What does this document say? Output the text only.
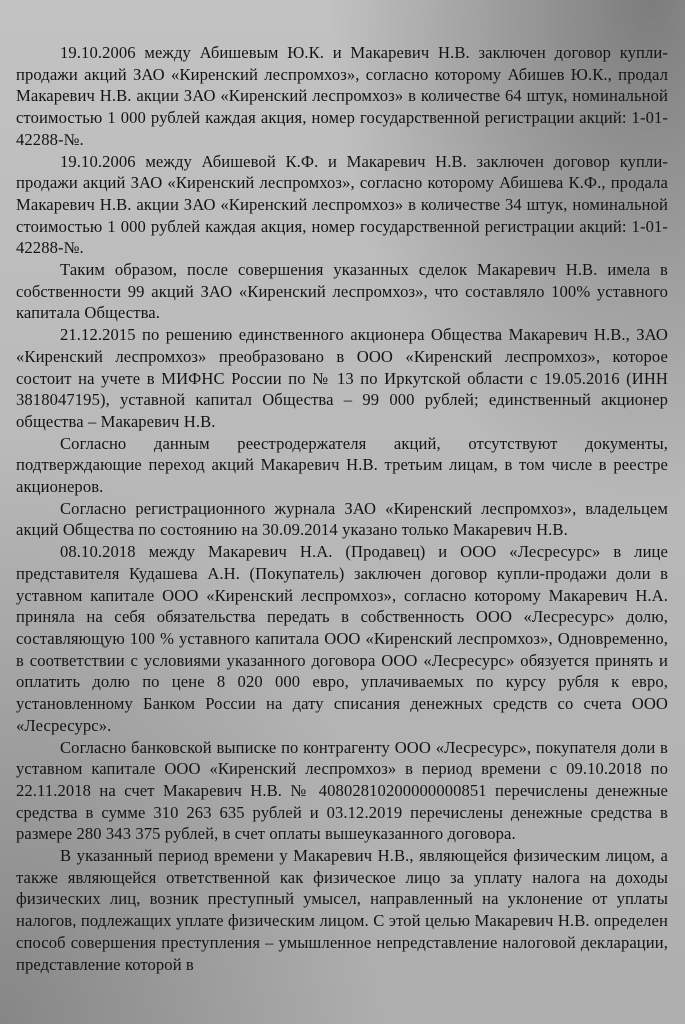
19.10.2006 между Абишевым Ю.К. и Макаревич Н.В. заключен договор купли-продажи акций ЗАО «Киренский леспромхоз», согласно которому Абишев Ю.К., продал Макаревич Н.В. акции ЗАО «Киренский леспромхоз» в количестве 64 штук, номинальной стоимостью 1 000 рублей каждая акция, номер государственной регистрации акций: 1-01-42288-№.

19.10.2006 между Абишевой К.Ф. и Макаревич Н.В. заключен договор купли-продажи акций ЗАО «Киренский леспромхоз», согласно которому Абишева К.Ф., продала Макаревич Н.В. акции ЗАО «Киренский леспромхоз» в количестве 34 штук, номинальной стоимостью 1 000 рублей каждая акция, номер государственной регистрации акций: 1-01-42288-№.

Таким образом, после совершения указанных сделок Макаревич Н.В. имела в собственности 99 акций ЗАО «Киренский леспромхоз», что составляло 100% уставного капитала Общества.

21.12.2015 по решению единственного акционера Общества Макаревич Н.В., ЗАО «Киренский леспромхоз» преобразовано в ООО «Киренский леспромхоз», которое состоит на учете в МИФНС России по № 13 по Иркутской области с 19.05.2016 (ИНН 3818047195), уставной капитал Общества – 99 000 рублей; единственный акционер общества – Макаревич Н.В.

Согласно данным реестродержателя акций, отсутствуют документы, подтверждающие переход акций Макаревич Н.В. третьим лицам, в том числе в реестре акционеров.

Согласно регистрационного журнала ЗАО «Киренский леспромхоз», владельцем акций Общества по состоянию на 30.09.2014 указано только Макаревич Н.В.

08.10.2018 между Макаревич Н.А. (Продавец) и ООО «Лесресурс» в лице представителя Кудашева А.Н. (Покупатель) заключен договор купли-продажи доли в уставном капитале ООО «Киренский леспромхоз», согласно которому Макаревич Н.А. приняла на себя обязательства передать в собственность ООО «Лесресурс» долю, составляющую 100 % уставного капитала ООО «Киренский леспромхоз», Одновременно, в соответствии с условиями указанного договора ООО «Лесресурс» обязуется принять и оплатить долю по цене 8 020 000 евро, уплачиваемых по курсу рубля к евро, установленному Банком России на дату списания денежных средств со счета ООО «Лесресурс».

Согласно банковской выписке по контрагенту ООО «Лесресурс», покупателя доли в уставном капитале ООО «Киренский леспромхоз» в период времени с 09.10.2018 по 22.11.2018 на счет Макаревич Н.В. № 40802810200000000851 перечислены денежные средства в сумме 310 263 635 рублей и 03.12.2019 перечислены денежные средства в размере 280 343 375 рублей, в счет оплаты вышеуказанного договора.

В указанный период времени у Макаревич Н.В., являющейся физическим лицом, а также являющейся ответственной как физическое лицо за уплату налога на доходы физических лиц, возник преступный умысел, направленный на уклонение от уплаты налогов, подлежащих уплате физическим лицом. С этой целью Макаревич Н.В. определен способ совершения преступления – умышленное непредставление налоговой декларации, представление которой в
